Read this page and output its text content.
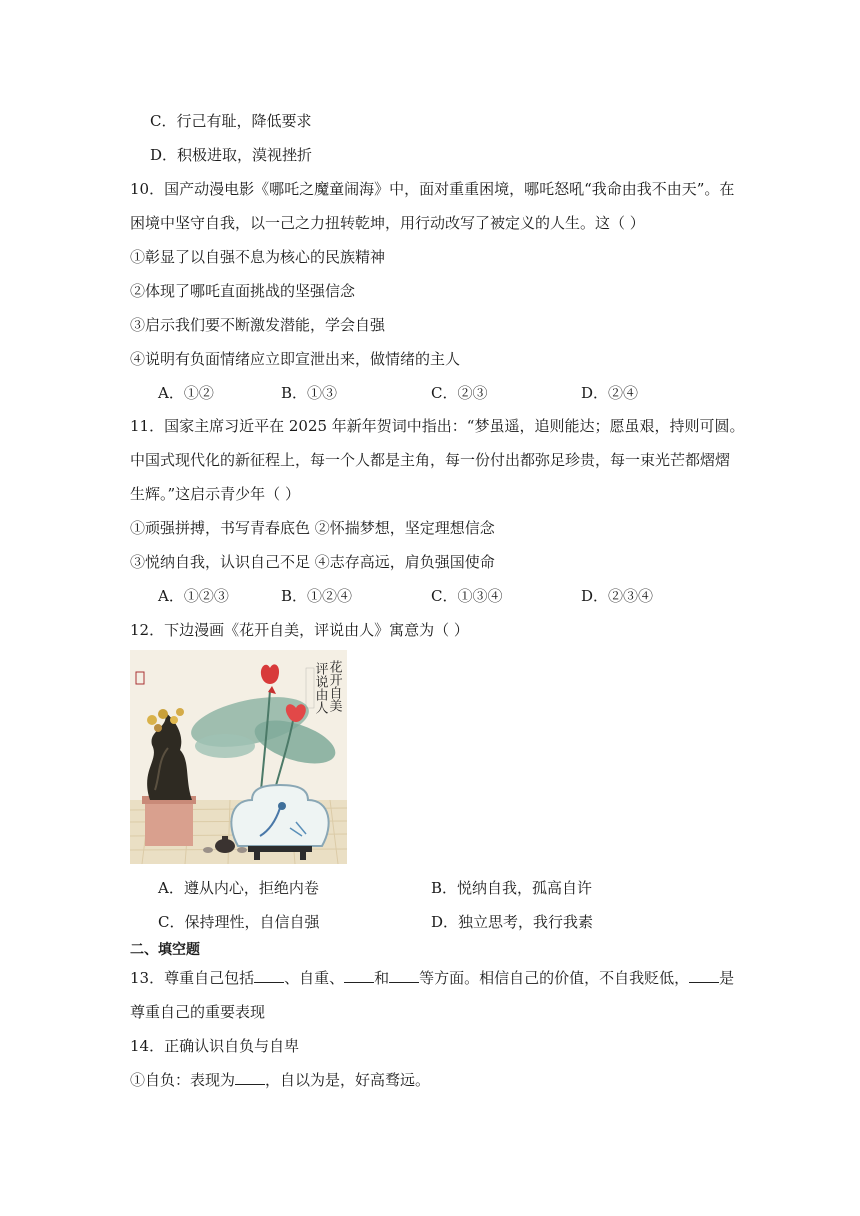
C．行己有耻，降低要求
D．积极进取，漠视挫折
10．国产动漫电影《哪吒之魔童闹海》中，面对重重困境，哪吒怒吼“我命由我不由天”。在
困境中坚守自我，以一己之力扭转乾坤，用行动改写了被定义的人生。这（ ）
①彰显了以自强不息为核心的民族精神
②体现了哪吒直面挑战的坚强信念
③启示我们要不断激发潜能，学会自强
④说明有负面情绪应立即宣泄出来，做情绪的主人
A．①②	B．①③	C．②③	D．②④
11．国家主席习近平在 2025 年新年贺词中指出：“梦虽遥，追则能达；愿虽艰，持则可圆。
中国式现代化的新征程上，每一个人都是主角，每一份付出都弥足珍贵，每一束光芒都熠熠
生辉。”这启示青少年（ ）
①顽强拼搏，书写青春底色 ②怀揣梦想，坚定理想信念
③悦纳自我，认识自己不足 ④志存高远，肩负强国使命
A．①②③	B．①②④	C．①③④	D．②③④
12．下边漫画《花开自美，评说由人》寓意为（ ）
花开自美
评说由人
A．遵从内心，拒绝内卷	B．悦纳自我，孤高自许
C．保持理性，自信自强	D．独立思考，我行我素
二、填空题
13．尊重自己包括 、自重、 和 等方面。相信自己的价值，不自我贬低， 是
尊重自己的重要表现
14．正确认识自负与自卑
①自负：表现为 ，自以为是，好高骛远。
